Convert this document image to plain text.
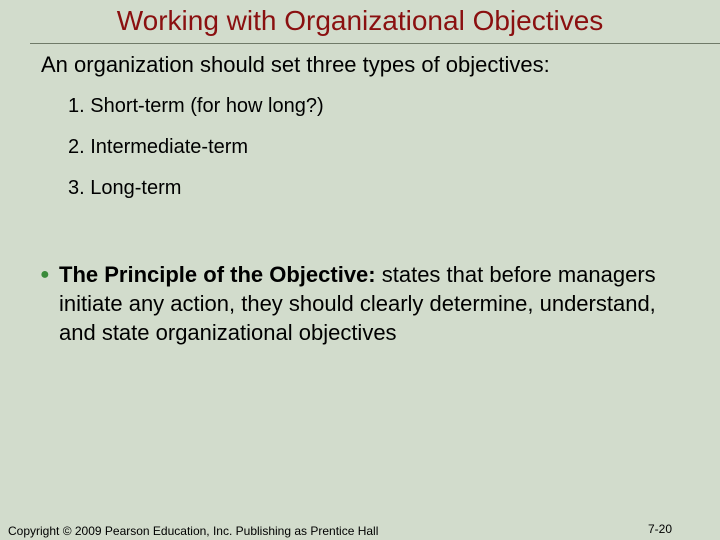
Working with Organizational Objectives
An organization should set three types of objectives:
1. Short-term (for how long?)
2. Intermediate-term
3. Long-term
● The Principle of the Objective: states that before managers initiate any action, they should clearly determine, understand, and state organizational objectives
Copyright © 2009 Pearson Education, Inc. Publishing as Prentice Hall	7-20
